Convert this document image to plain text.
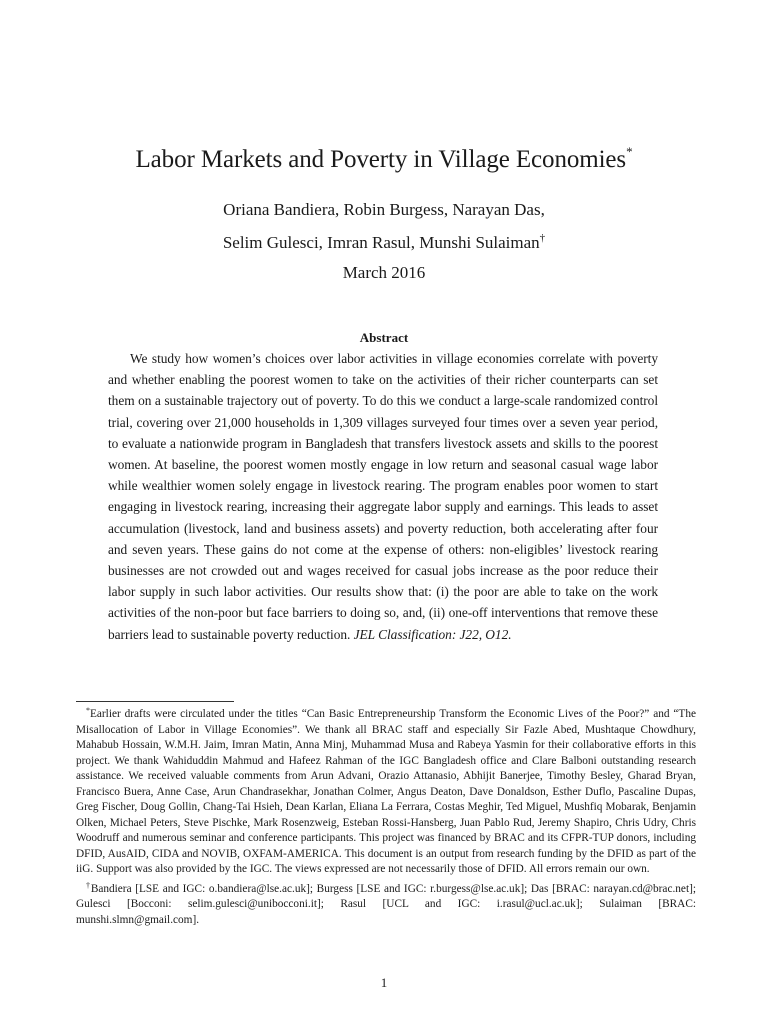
Labor Markets and Poverty in Village Economies*
Oriana Bandiera, Robin Burgess, Narayan Das,
Selim Gulesci, Imran Rasul, Munshi Sulaiman†
March 2016
Abstract
We study how women’s choices over labor activities in village economies correlate with poverty and whether enabling the poorest women to take on the activities of their richer counterparts can set them on a sustainable trajectory out of poverty. To do this we conduct a large-scale randomized control trial, covering over 21,000 households in 1,309 villages surveyed four times over a seven year period, to evaluate a nationwide program in Bangladesh that transfers livestock assets and skills to the poorest women. At baseline, the poorest women mostly engage in low return and seasonal casual wage labor while wealthier women solely engage in livestock rearing. The program enables poor women to start engaging in livestock rearing, increasing their aggregate labor supply and earnings. This leads to asset accumulation (livestock, land and business assets) and poverty reduction, both accelerating after four and seven years. These gains do not come at the expense of others: non-eligibles’ livestock rearing businesses are not crowded out and wages received for casual jobs increase as the poor reduce their labor supply in such labor activities. Our results show that: (i) the poor are able to take on the work activities of the non-poor but face barriers to doing so, and, (ii) one-off interventions that remove these barriers lead to sustainable poverty reduction. JEL Classification: J22, O12.

*Earlier drafts were circulated under the titles “Can Basic Entrepreneurship Transform the Economic Lives of the Poor?” and “The Misallocation of Labor in Village Economies”. We thank all BRAC staff and especially Sir Fazle Abed, Mushtaque Chowdhury, Mahabub Hossain, W.M.H. Jaim, Imran Matin, Anna Minj, Muhammad Musa and Rabeya Yasmin for their collaborative efforts in this project. We thank Wahiduddin Mahmud and Hafeez Rahman of the IGC Bangladesh office and Clare Balboni outstanding research assistance. We received valuable comments from Arun Advani, Orazio Attanasio, Abhijit Banerjee, Timothy Besley, Gharad Bryan, Francisco Buera, Anne Case, Arun Chandrasekhar, Jonathan Colmer, Angus Deaton, Dave Donaldson, Esther Duflo, Pascaline Dupas, Greg Fischer, Doug Gollin, Chang-Tai Hsieh, Dean Karlan, Eliana La Ferrara, Costas Meghir, Ted Miguel, Mushfiq Mobarak, Benjamin Olken, Michael Peters, Steve Pischke, Mark Rosenzweig, Esteban Rossi-Hansberg, Juan Pablo Rud, Jeremy Shapiro, Chris Udry, Chris Woodruff and numerous seminar and conference participants. This project was financed by BRAC and its CFPR-TUP donors, including DFID, AusAID, CIDA and NOVIB, OXFAM-AMERICA. This document is an output from research funding by the DFID as part of the iiG. Support was also provided by the IGC. The views expressed are not necessarily those of DFID. All errors remain our own.

†Bandiera [LSE and IGC: o.bandiera@lse.ac.uk]; Burgess [LSE and IGC: r.burgess@lse.ac.uk]; Das [BRAC: narayan.cd@brac.net]; Gulesci [Bocconi: selim.gulesci@unibocconi.it]; Rasul [UCL and IGC: i.rasul@ucl.ac.uk]; Sulaiman [BRAC: munshi.slmn@gmail.com].

1
